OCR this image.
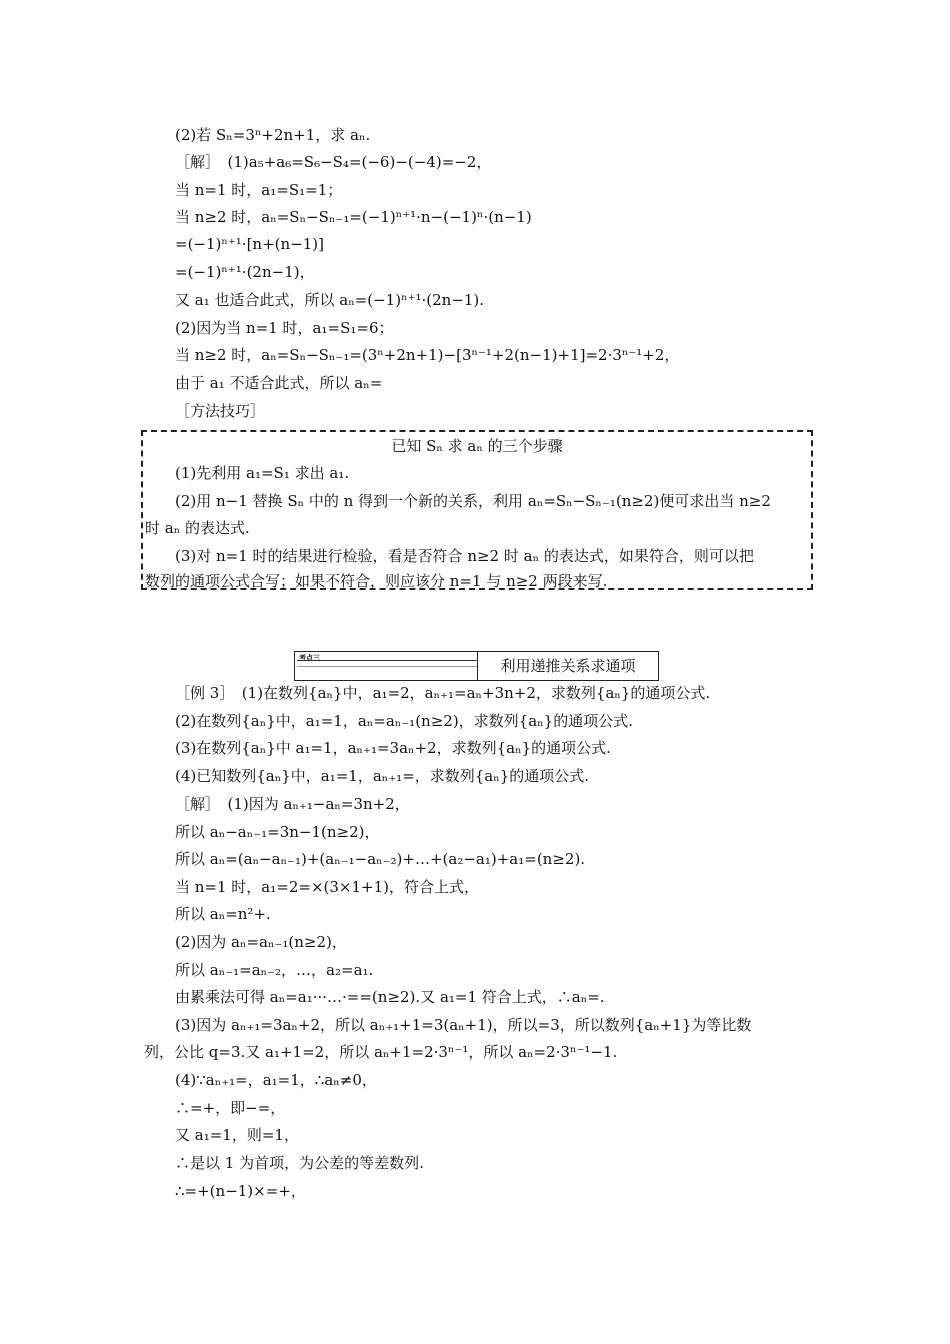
(2)若 Sₙ=3ⁿ+2n+1，求 aₙ.
［解］　(1)a₅+a₆=S₆−S₄=(−6)−(−4)=−2，
当 n=1 时，a₁=S₁=1；
当 n≥2 时，aₙ=Sₙ−Sₙ₋₁=(−1)ⁿ⁺¹·n−(−1)ⁿ·(n−1)
=(−1)ⁿ⁺¹·[n+(n−1)]
=(−1)ⁿ⁺¹·(2n−1)，
又 a₁ 也适合此式，所以 aₙ=(−1)ⁿ⁺¹·(2n−1).
(2)因为当 n=1 时，a₁=S₁=6；
当 n≥2 时，aₙ=Sₙ−Sₙ₋₁=(3ⁿ+2n+1)−[3ⁿ⁻¹+2(n−1)+1]=2·3ⁿ⁻¹+2，
由于 a₁ 不适合此式，所以 aₙ=
［方法技巧］
已知 Sₙ 求 aₙ 的三个步骤
(1)先利用 a₁=S₁ 求出 a₁.
(2)用 n−1 替换 Sₙ 中的 n 得到一个新的关系，利用 aₙ=Sₙ−Sₙ₋₁(n≥2)便可求出当 n≥2
时 aₙ 的表达式.
(3)对 n=1 时的结果进行检验，看是否符合 n≥2 时 aₙ 的表达式，如果符合，则可以把
数列的通项公式合写；如果不符合，则应该分 n=1 与 n≥2 两段来写.
考点三	利用递推关系求通项
［例 3］　(1)在数列{aₙ}中，a₁=2，aₙ₊₁=aₙ+3n+2，求数列{aₙ}的通项公式.
(2)在数列{aₙ}中，a₁=1，aₙ=aₙ₋₁(n≥2)，求数列{aₙ}的通项公式.
(3)在数列{aₙ}中 a₁=1，aₙ₊₁=3aₙ+2，求数列{aₙ}的通项公式.
(4)已知数列{aₙ}中，a₁=1，aₙ₊₁=，求数列{aₙ}的通项公式.
［解］　(1)因为 aₙ₊₁−aₙ=3n+2，
所以 aₙ−aₙ₋₁=3n−1(n≥2)，
所以 aₙ=(aₙ−aₙ₋₁)+(aₙ₋₁−aₙ₋₂)+…+(a₂−a₁)+a₁=(n≥2).
当 n=1 时，a₁=2=×(3×1+1)，符合上式，
所以 aₙ=n²+.
(2)因为 aₙ=aₙ₋₁(n≥2)，
所以 aₙ₋₁=aₙ₋₂，…，a₂=a₁.
由累乘法可得 aₙ=a₁···…·==(n≥2).又 a₁=1 符合上式，∴aₙ=.
(3)因为 aₙ₊₁=3aₙ+2，所以 aₙ₊₁+1=3(aₙ+1)，所以=3，所以数列{aₙ+1}为等比数
列，公比 q=3.又 a₁+1=2，所以 aₙ+1=2·3ⁿ⁻¹，所以 aₙ=2·3ⁿ⁻¹−1.
(4)∵aₙ₊₁=，a₁=1，∴aₙ≠0，
∴=+，即−=，
又 a₁=1，则=1，
∴是以 1 为首项，为公差的等差数列.
∴=+(n−1)×=+，
